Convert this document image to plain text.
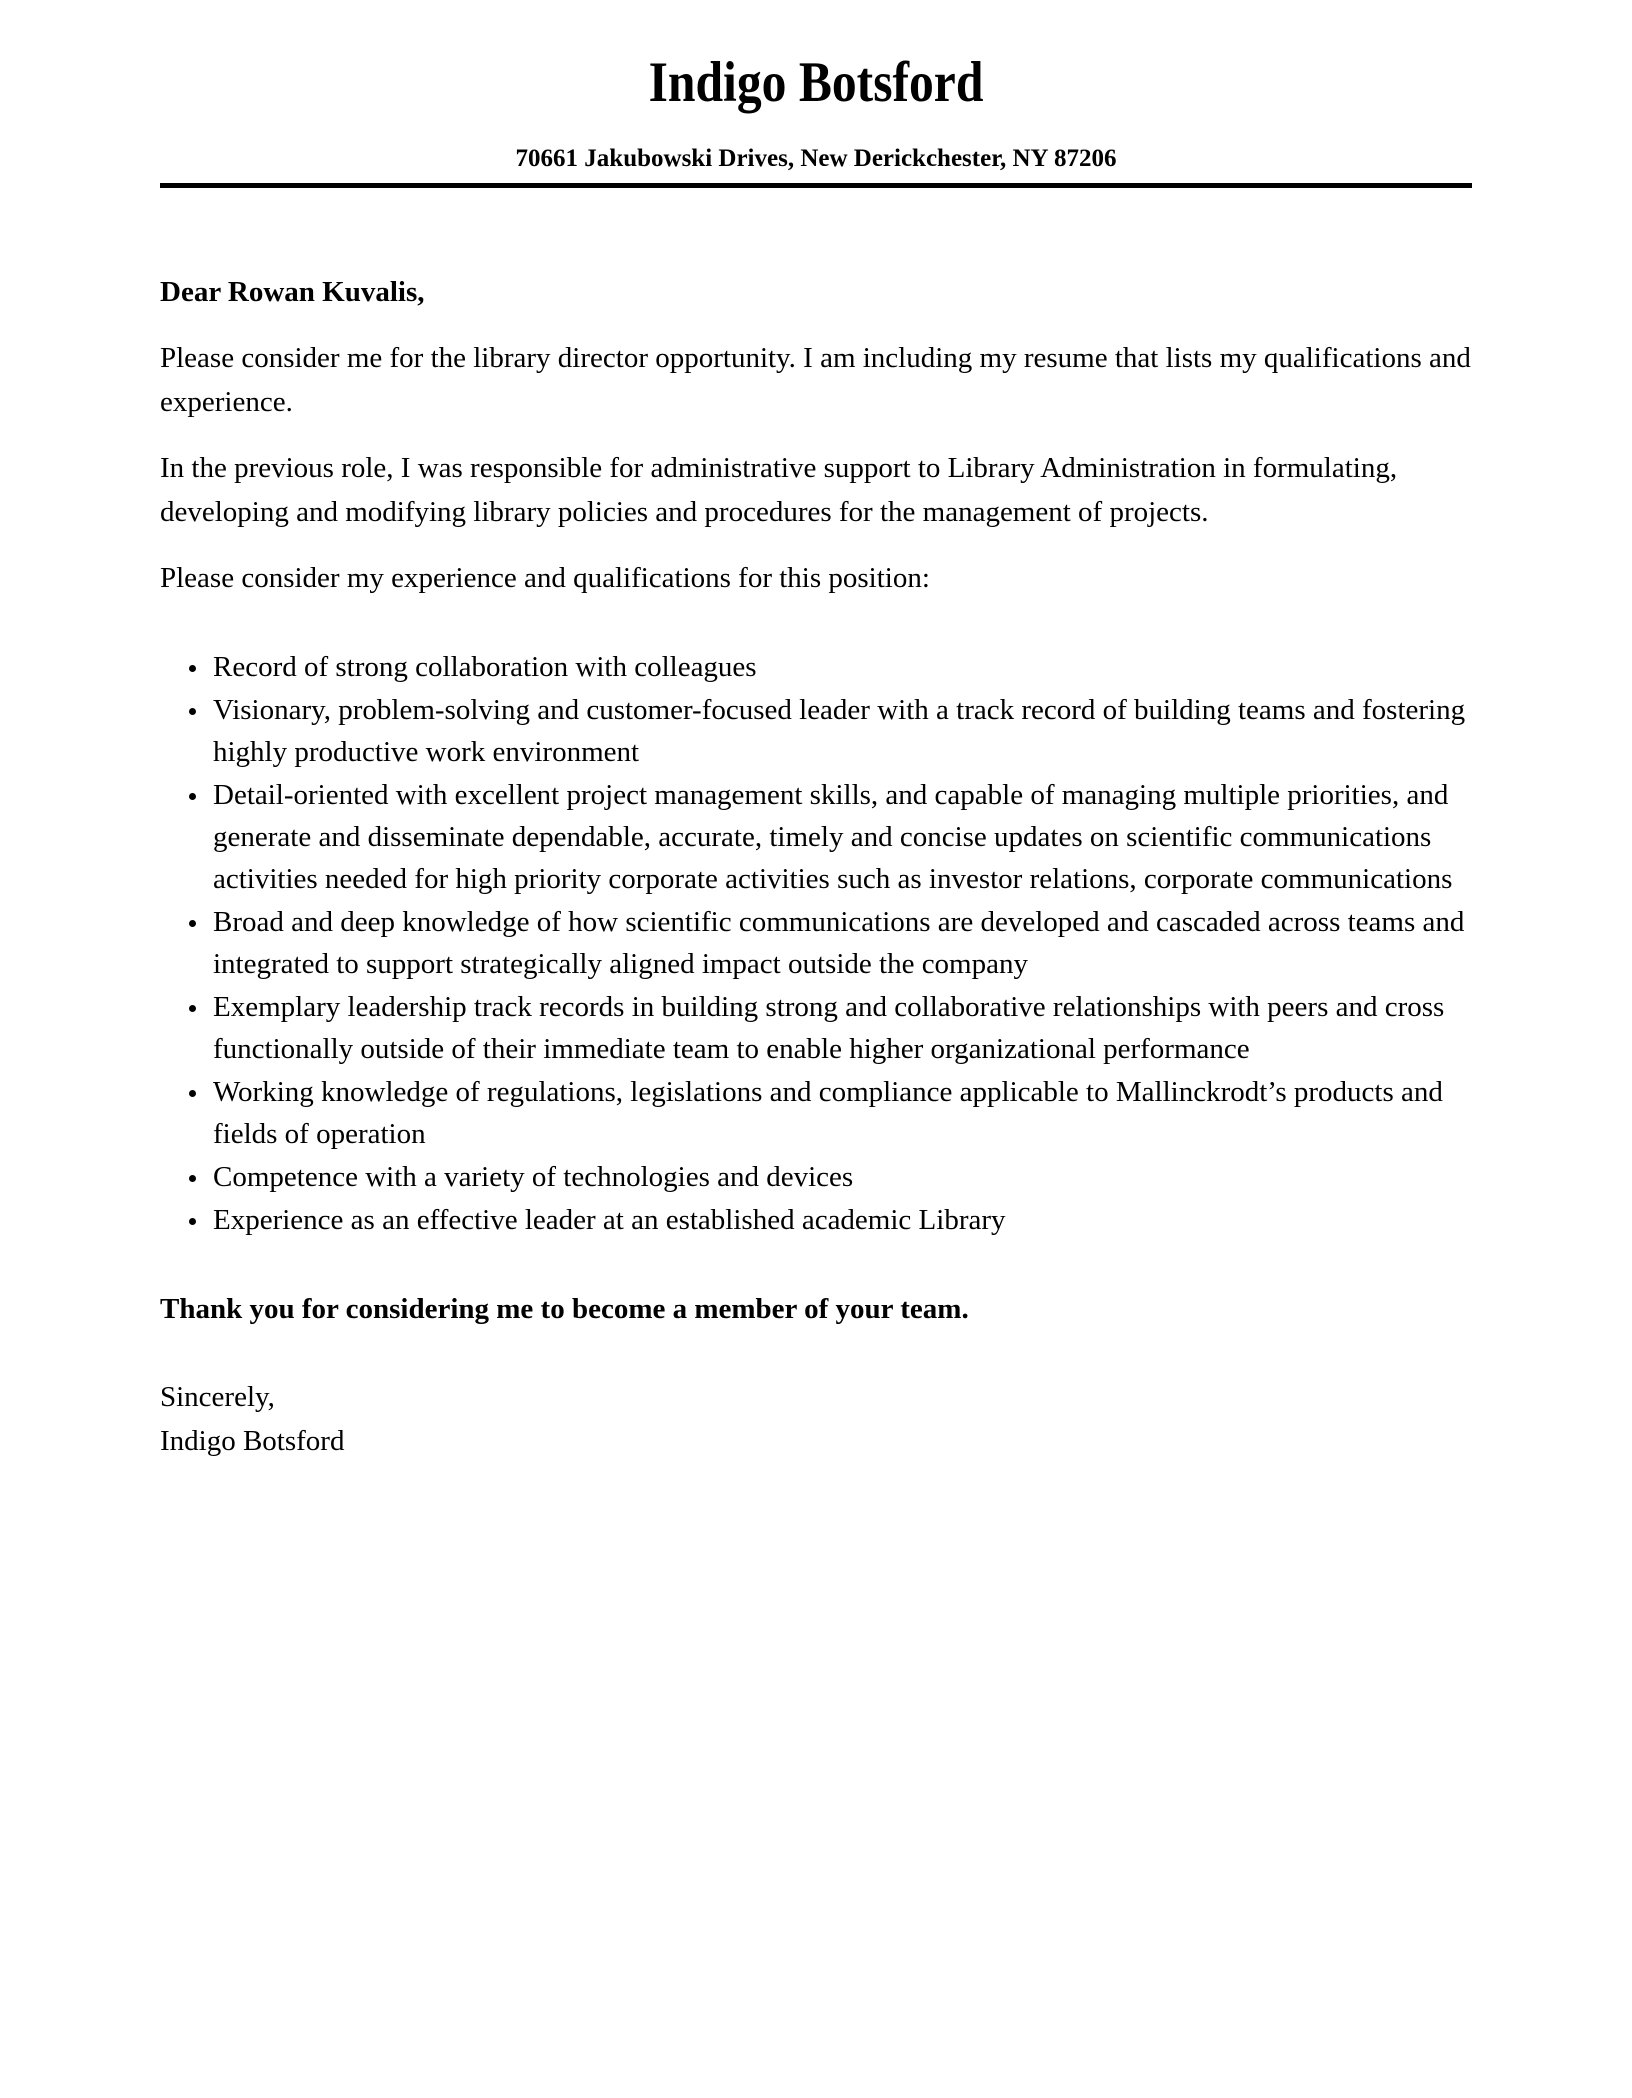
Indigo Botsford
70661 Jakubowski Drives, New Derickchester, NY 87206

Dear Rowan Kuvalis,

Please consider me for the library director opportunity. I am including my resume that lists my qualifications and experience.

In the previous role, I was responsible for administrative support to Library Administration in formulating, developing and modifying library policies and procedures for the management of projects.

Please consider my experience and qualifications for this position:

• Record of strong collaboration with colleagues
• Visionary, problem-solving and customer-focused leader with a track record of building teams and fostering highly productive work environment
• Detail-oriented with excellent project management skills, and capable of managing multiple priorities, and generate and disseminate dependable, accurate, timely and concise updates on scientific communications activities needed for high priority corporate activities such as investor relations, corporate communications
• Broad and deep knowledge of how scientific communications are developed and cascaded across teams and integrated to support strategically aligned impact outside the company
• Exemplary leadership track records in building strong and collaborative relationships with peers and cross functionally outside of their immediate team to enable higher organizational performance
• Working knowledge of regulations, legislations and compliance applicable to Mallinckrodt’s products and fields of operation
• Competence with a variety of technologies and devices
• Experience as an effective leader at an established academic Library

Thank you for considering me to become a member of your team.

Sincerely,
Indigo Botsford
